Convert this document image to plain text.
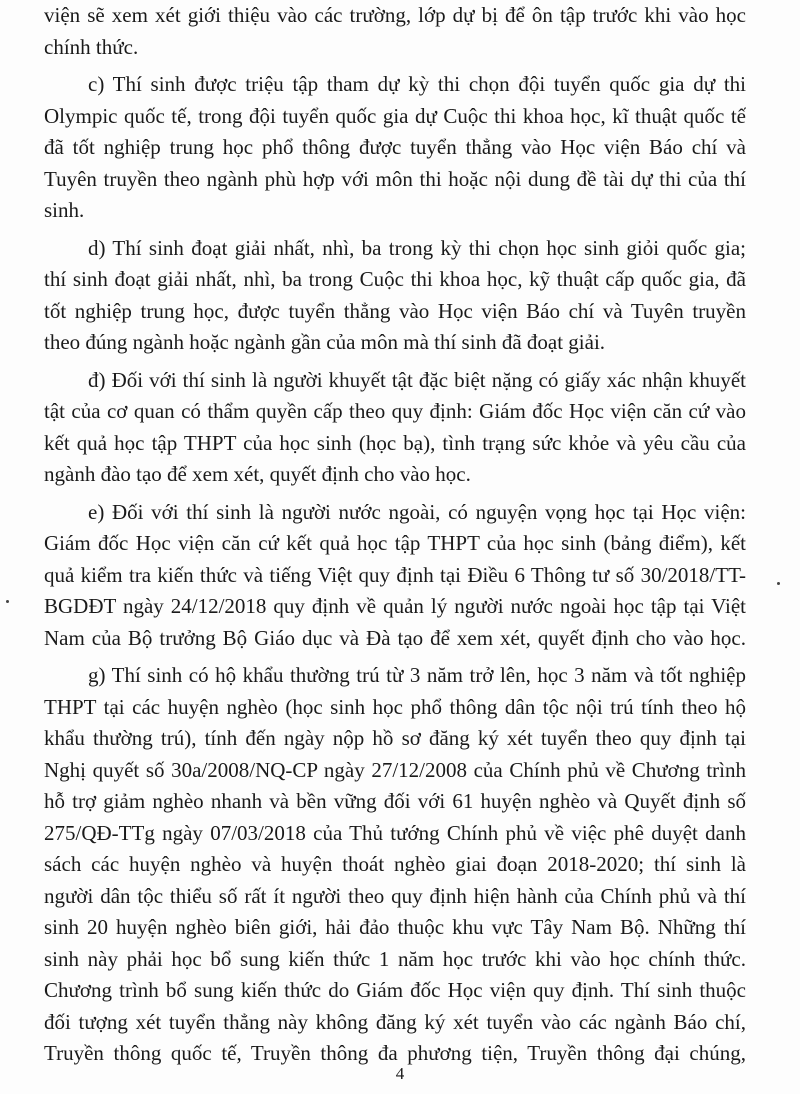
viện sẽ xem xét giới thiệu vào các trường, lớp dự bị để ôn tập trước khi vào học
chính thức.
c) Thí sinh được triệu tập tham dự kỳ thi chọn đội tuyển quốc gia dự thi
Olympic quốc tế, trong đội tuyển quốc gia dự Cuộc thi khoa học, kĩ thuật quốc tế
đã tốt nghiệp trung học phổ thông được tuyển thẳng vào Học viện Báo chí và
Tuyên truyền theo ngành phù hợp với môn thi hoặc nội dung đề tài dự thi của thí
sinh.
d) Thí sinh đoạt giải nhất, nhì, ba trong kỳ thi chọn học sinh giỏi quốc gia;
thí sinh đoạt giải nhất, nhì, ba trong Cuộc thi khoa học, kỹ thuật cấp quốc gia, đã
tốt nghiệp trung học, được tuyển thẳng vào Học viện Báo chí và Tuyên truyền
theo đúng ngành hoặc ngành gần của môn mà thí sinh đã đoạt giải.
đ) Đối với thí sinh là người khuyết tật đặc biệt nặng có giấy xác nhận khuyết
tật của cơ quan có thẩm quyền cấp theo quy định: Giám đốc Học viện căn cứ vào
kết quả học tập THPT của học sinh (học bạ), tình trạng sức khỏe và yêu cầu của
ngành đào tạo để xem xét, quyết định cho vào học.
e) Đối với thí sinh là người nước ngoài, có nguyện vọng học tại Học viện:
Giám đốc Học viện căn cứ kết quả học tập THPT của học sinh (bảng điểm), kết
quả kiểm tra kiến thức và tiếng Việt quy định tại Điều 6 Thông tư số 30/2018/TT-
BGDĐT ngày 24/12/2018 quy định về quản lý người nước ngoài học tập tại Việt
Nam của Bộ trưởng Bộ Giáo dục và Đà tạo để xem xét, quyết định cho vào học.
g) Thí sinh có hộ khẩu thường trú từ 3 năm trở lên, học 3 năm và tốt nghiệp
THPT tại các huyện nghèo (học sinh học phổ thông dân tộc nội trú tính theo hộ
khẩu thường trú), tính đến ngày nộp hồ sơ đăng ký xét tuyển theo quy định tại
Nghị quyết số 30a/2008/NQ-CP ngày 27/12/2008 của Chính phủ về Chương trình
hỗ trợ giảm nghèo nhanh và bền vững đối với 61 huyện nghèo và Quyết định số
275/QĐ-TTg ngày 07/03/2018 của Thủ tướng Chính phủ về việc phê duyệt danh
sách các huyện nghèo và huyện thoát nghèo giai đoạn 2018-2020; thí sinh là
người dân tộc thiểu số rất ít người theo quy định hiện hành của Chính phủ và thí
sinh 20 huyện nghèo biên giới, hải đảo thuộc khu vực Tây Nam Bộ. Những thí
sinh này phải học bổ sung kiến thức 1 năm học trước khi vào học chính thức.
Chương trình bổ sung kiến thức do Giám đốc Học viện quy định. Thí sinh thuộc
đối tượng xét tuyển thẳng này không đăng ký xét tuyển vào các ngành Báo chí,
Truyền thông quốc tế, Truyền thông đa phương tiện, Truyền thông đại chúng,
4
